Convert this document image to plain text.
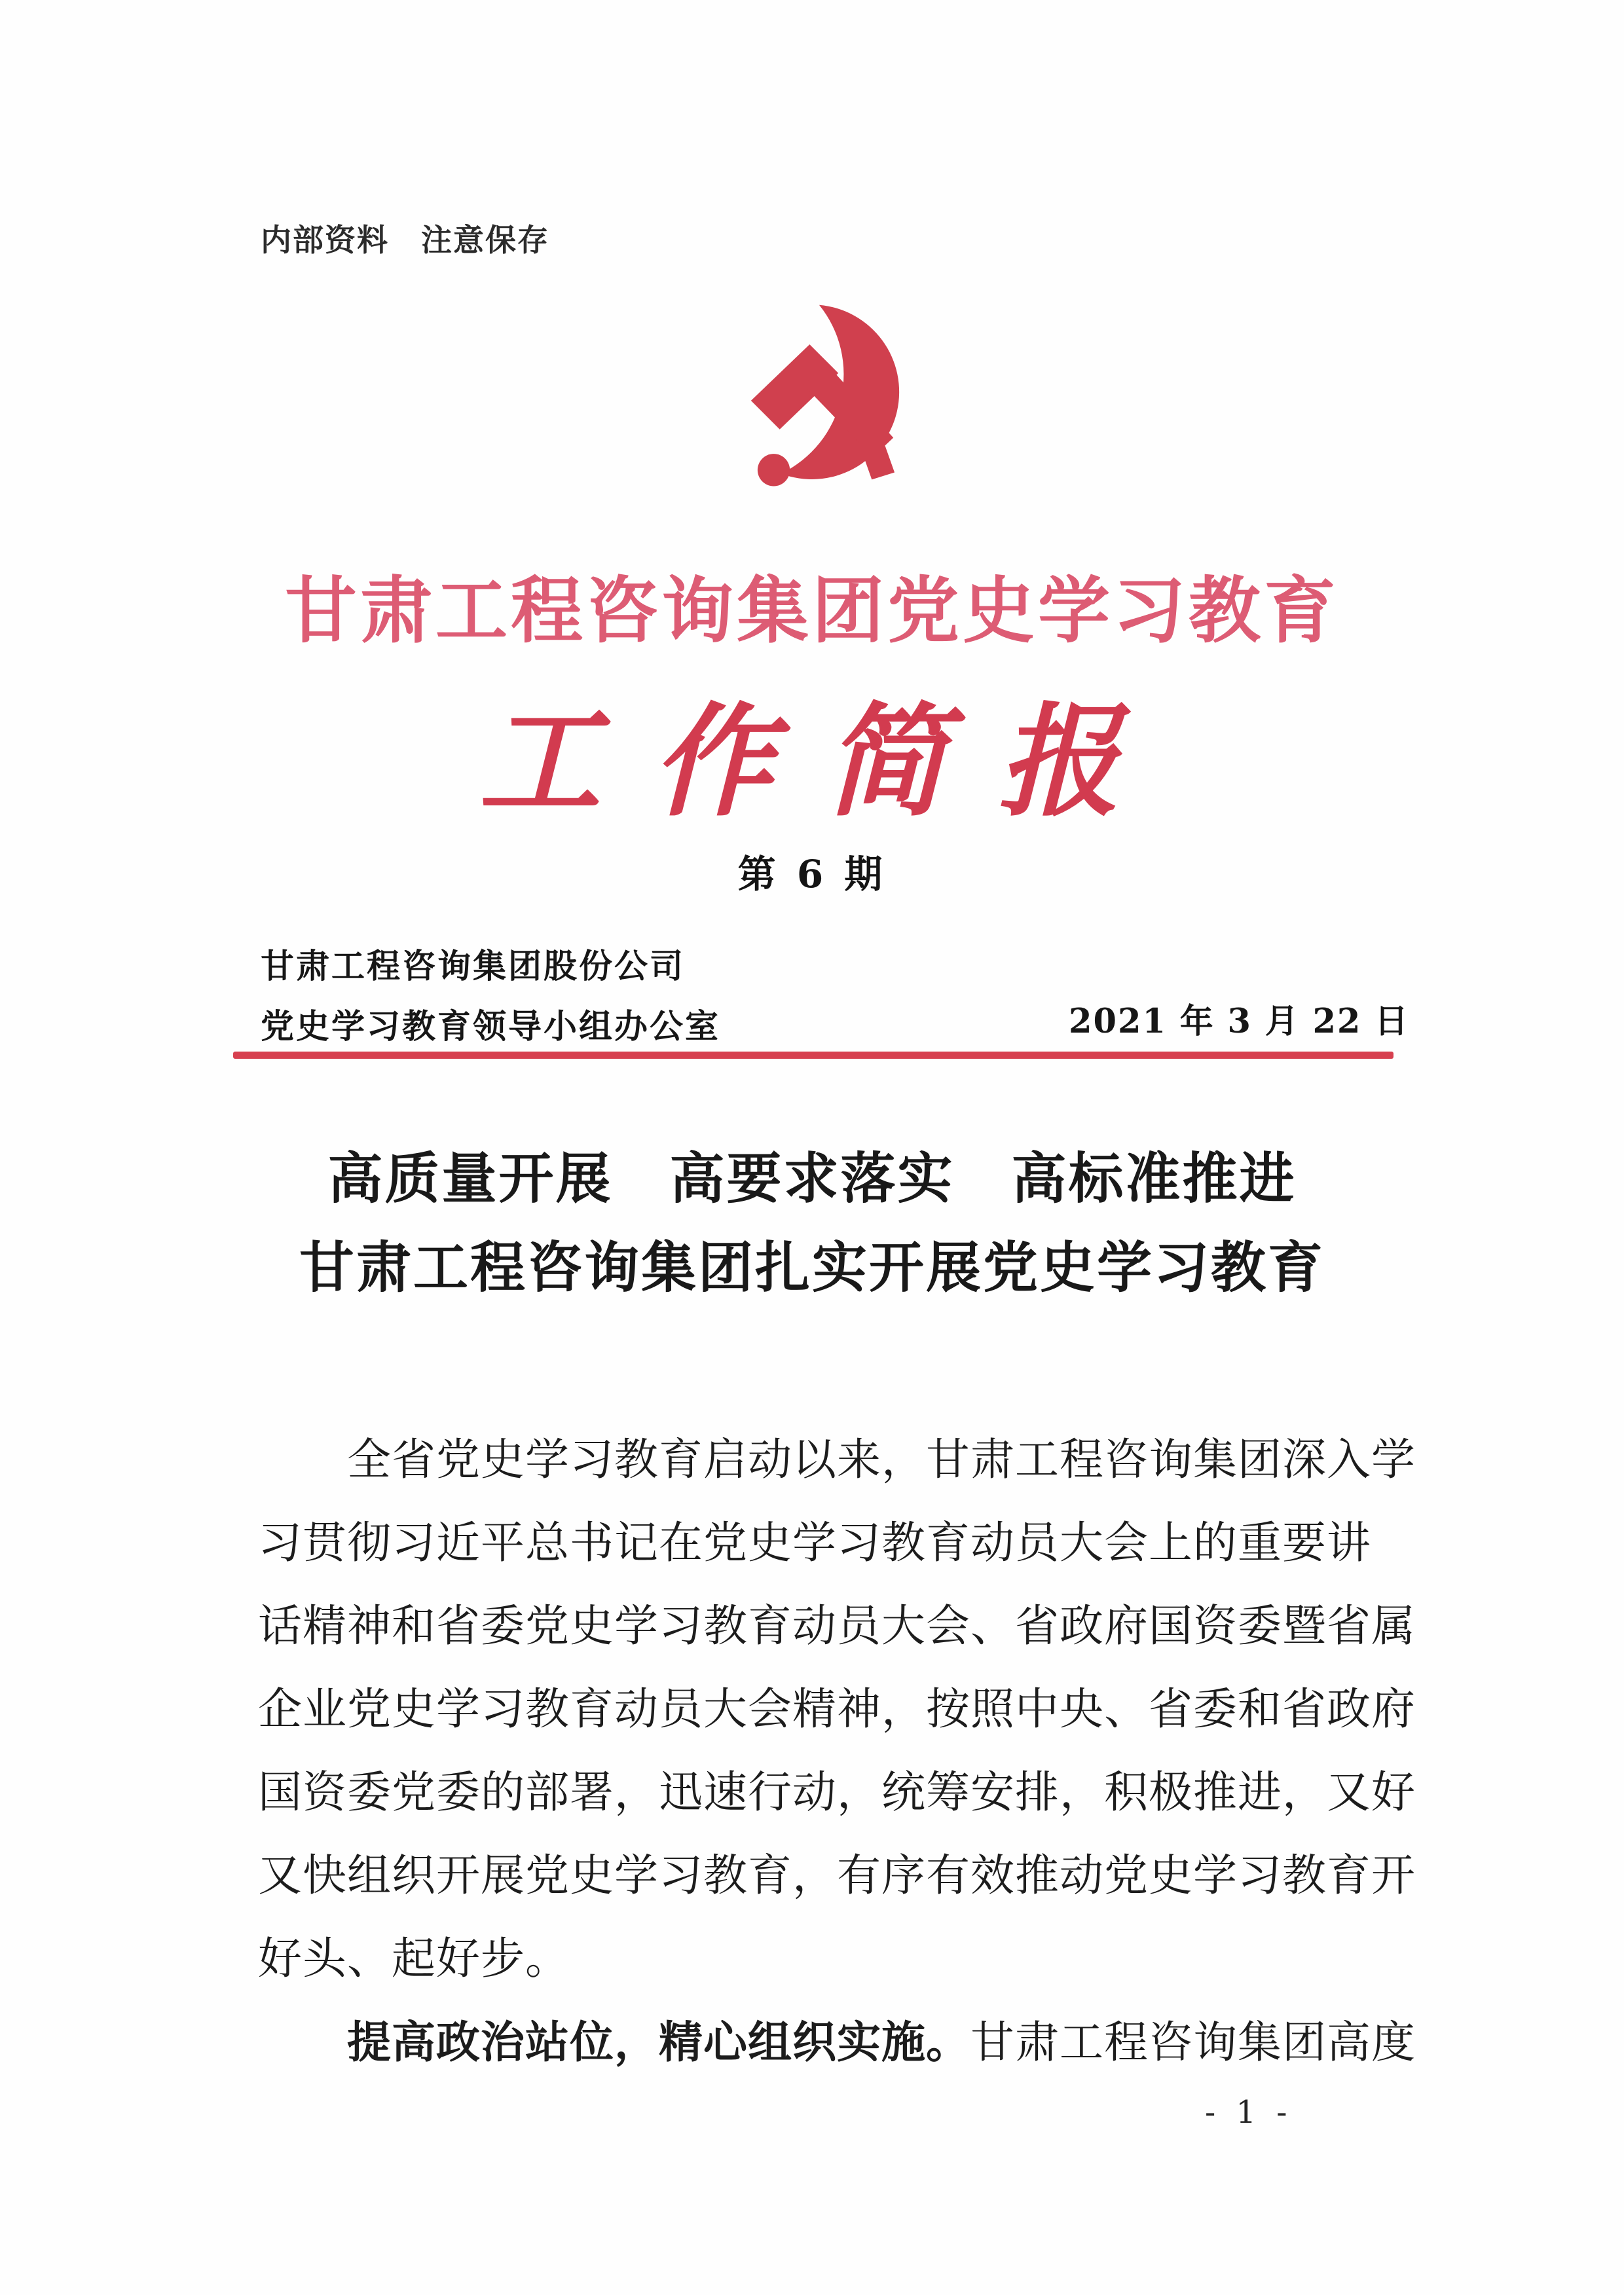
内部资料　注意保存
甘肃工程咨询集团党史学习教育
工作简报
第 6 期
甘肃工程咨询集团股份公司
党史学习教育领导小组办公室	2021 年 3 月 22 日
高质量开展　高要求落实　高标准推进
甘肃工程咨询集团扎实开展党史学习教育
　　全省党史学习教育启动以来，甘肃工程咨询集团深入学
习贯彻习近平总书记在党史学习教育动员大会上的重要讲
话精神和省委党史学习教育动员大会、省政府国资委暨省属
企业党史学习教育动员大会精神，按照中央、省委和省政府
国资委党委的部署，迅速行动，统筹安排，积极推进，又好
又快组织开展党史学习教育，有序有效推动党史学习教育开
好头、起好步。
　　提高政治站位，精心组织实施。甘肃工程咨询集团高度
- 1 -
